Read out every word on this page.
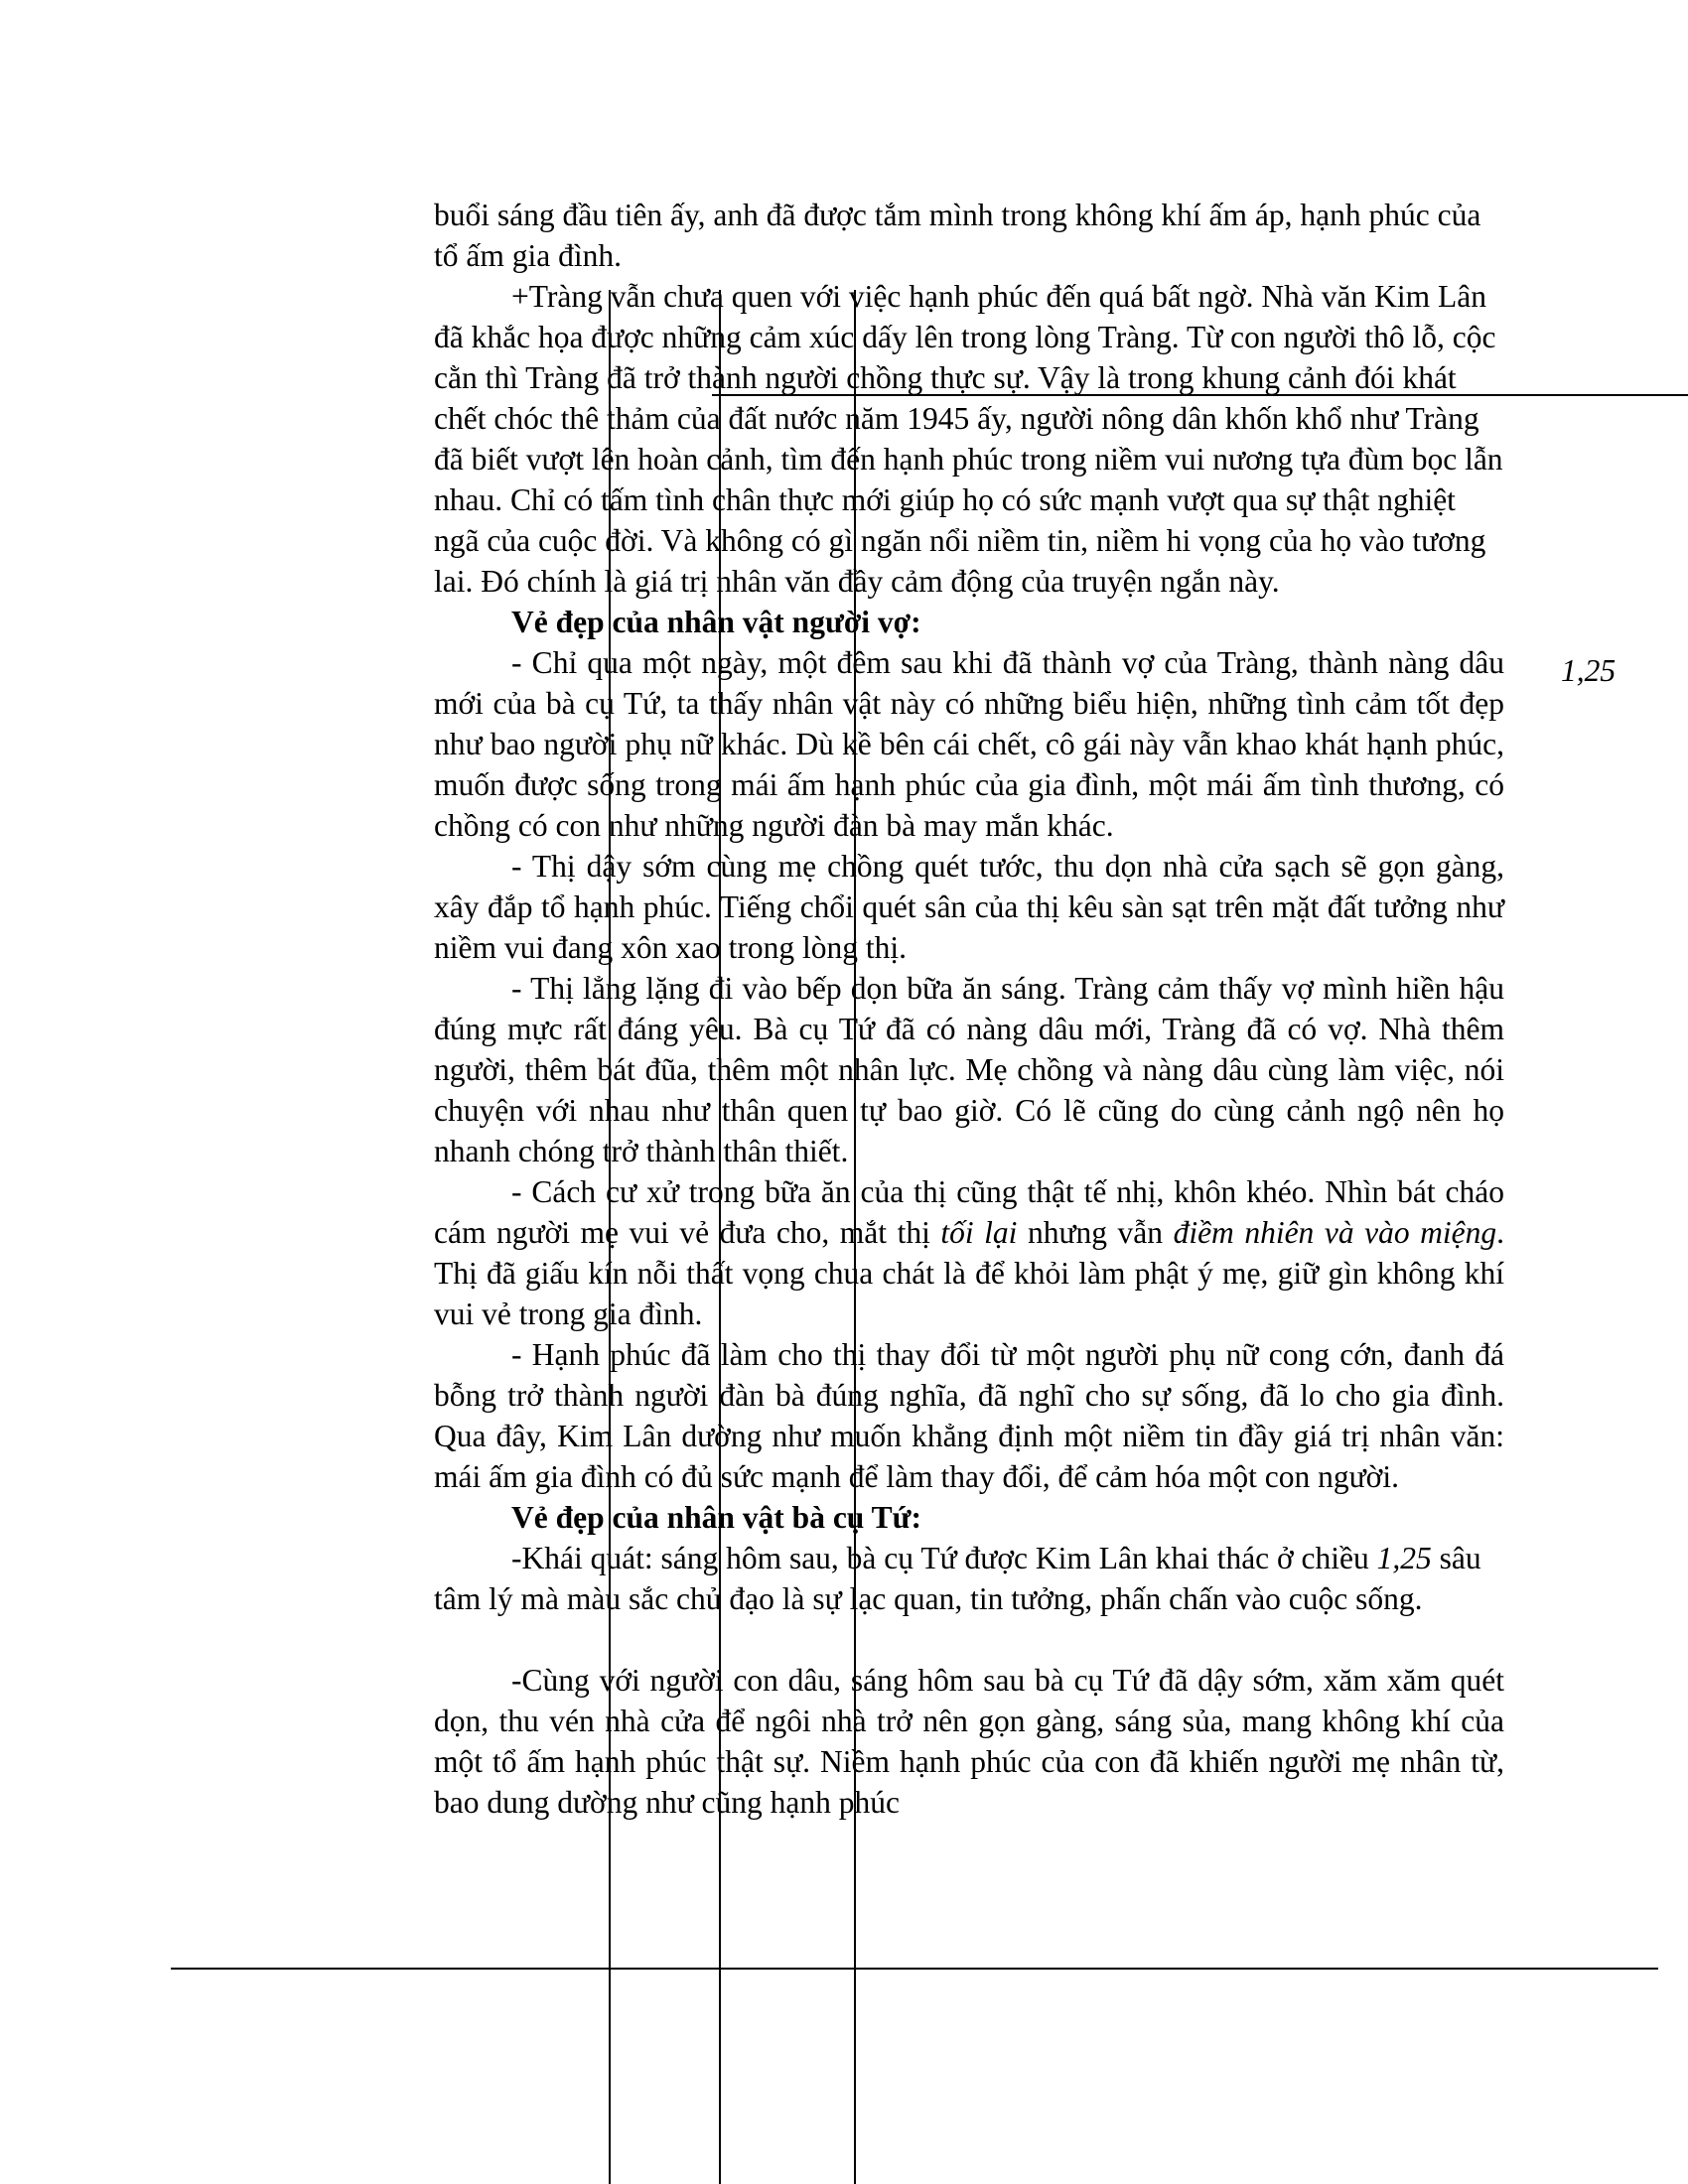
buổi sáng đầu tiên ấy, anh đã được tắm mình trong không khí ấm áp, hạnh phúc của tổ ấm gia đình.

+Tràng vẫn chưa quen với việc hạnh phúc đến quá bất ngờ. Nhà văn Kim Lân đã khắc họa được những cảm xúc dấy lên trong lòng Tràng. Từ con người thô lỗ, cộc cằn thì Tràng đã trở thành người chồng thực sự. Vậy là trong khung cảnh đói khát chết chóc thê thảm của đất nước năm 1945 ấy, người nông dân khốn khổ như Tràng đã biết vượt lên hoàn cảnh, tìm đến hạnh phúc trong niềm vui nương tựa đùm bọc lẫn nhau. Chỉ có tấm tình chân thực mới giúp họ có sức mạnh vượt qua sự thật nghiệt ngã của cuộc đời. Và không có gì ngăn nổi niềm tin, niềm hi vọng của họ vào tương lai. Đó chính là giá trị nhân văn đầy cảm động của truyện ngắn này.

Vẻ đẹp của nhân vật người vợ:

- Chỉ qua một ngày, một đêm sau khi đã thành vợ của Tràng, thành nàng dâu mới của bà cụ Tứ, ta thấy nhân vật này có những biểu hiện, những tình cảm tốt đẹp như bao người phụ nữ khác. Dù kề bên cái chết, cô gái này vẫn khao khát hạnh phúc, muốn được sống trong mái ấm hạnh phúc của gia đình, một mái ấm tình thương, có chồng có con như những người đàn bà may mắn khác.

- Thị dậy sớm cùng mẹ chồng quét tước, thu dọn nhà cửa sạch sẽ gọn gàng, xây đắp tổ hạnh phúc. Tiếng chổi quét sân của thị kêu sàn sạt trên mặt đất tưởng như niềm vui đang xôn xao trong lòng thị.

- Thị lẳng lặng đi vào bếp dọn bữa ăn sáng. Tràng cảm thấy vợ mình hiền hậu đúng mực rất đáng yêu. Bà cụ Tứ đã có nàng dâu mới, Tràng đã có vợ. Nhà thêm người, thêm bát đũa, thêm một nhân lực. Mẹ chồng và nàng dâu cùng làm việc, nói chuyện với nhau như thân quen tự bao giờ. Có lẽ cũng do cùng cảnh ngộ nên họ nhanh chóng trở thành thân thiết.

- Cách cư xử trong bữa ăn của thị cũng thật tế nhị, khôn khéo. Nhìn bát cháo cám người mẹ vui vẻ đưa cho, mắt thị tối lại nhưng vẫn điềm nhiên và vào miệng. Thị đã giấu kín nỗi thất vọng chua chát là để khỏi làm phật ý mẹ, giữ gìn không khí vui vẻ trong gia đình.

- Hạnh phúc đã làm cho thị thay đổi từ một người phụ nữ cong cớn, đanh đá bỗng trở thành người đàn bà đúng nghĩa, đã nghĩ cho sự sống, đã lo cho gia đình. Qua đây, Kim Lân dường như muốn khẳng định một niềm tin đầy giá trị nhân văn: mái ấm gia đình có đủ sức mạnh để làm thay đổi, để cảm hóa một con người.

Vẻ đẹp của nhân vật bà cụ Tứ:

-Khái quát: sáng hôm sau, bà cụ Tứ được Kim Lân khai thác ở chiều 1,25 sâu

tâm lý mà màu sắc chủ đạo là sự lạc quan, tin tưởng, phấn chấn vào cuộc sống.

-Cùng với người con dâu, sáng hôm sau bà cụ Tứ đã dậy sớm, xăm xăm quét dọn, thu vén nhà cửa để ngôi nhà trở nên gọn gàng, sáng sủa, mang không khí của một tổ ấm hạnh phúc thật sự. Niềm hạnh phúc của con đã khiến người mẹ nhân từ, bao dung dường như cũng hạnh phúc

1,25
